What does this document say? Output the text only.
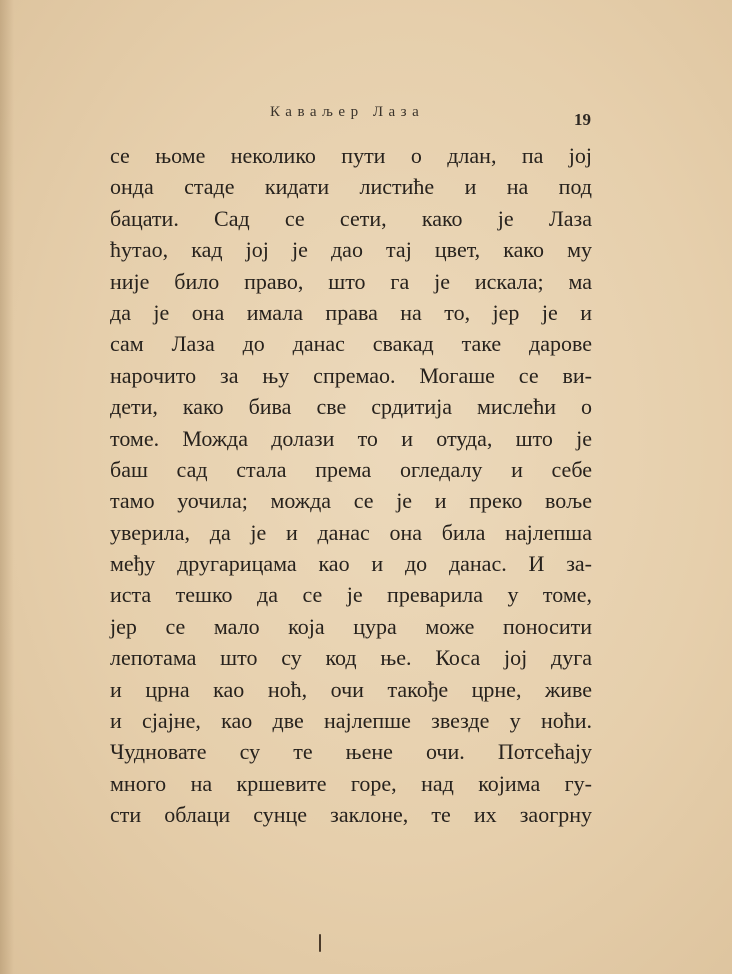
Каваљер Лаза	19
се њоме неколико пути о длан, па јој
онда стаде кидати листиће и на под
бацати. Сад се сети, како је Лаза
ћутао, кад јој је дао тај цвет, како му
није било право, што га је искала; ма
да је она имала права на то, јер је и
сам Лаза до данас свакад таке дарове
нарочито за њу спремао. Могаше се ви-
дети, како бива све срдитија мислећи о
томе. Можда долази то и отуда, што је
баш сад стала према огледалу и себе
тамо уочила; можда се је и преко воље
уверила, да је и данас она била најлепша
међу другарицама као и до данас. И за-
иста тешко да се је преварила у томе,
јер се мало која цура може поносити
лепотама што су код ње. Коса јој дуга
и црна као ноћ, очи такође црне, живе
и сјајне, као две најлепше звезде у ноћи.
Чудновате су те њене очи. Потсећају
много на кршевите горе, над којима гу-
сти облаци сунце заклоне, те их заогрну
